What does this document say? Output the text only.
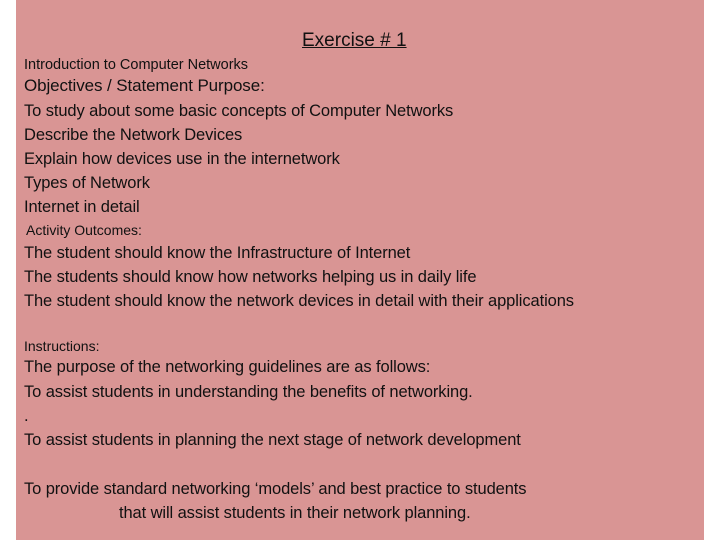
Exercise # 1
Introduction to Computer Networks
Objectives / Statement Purpose:
To study about some basic concepts of Computer Networks
Describe the Network Devices
Explain how devices use in the internetwork
Types of Network
Internet in detail
Activity Outcomes:
The student should know the Infrastructure of Internet
The students should know how networks helping us in daily life
The student should know the network devices in detail with their applications
Instructions:
The purpose of the networking guidelines are as follows:
To assist students in understanding the benefits of networking.
.
To assist students in planning the next stage of network development
To provide standard networking ‘models’ and best practice to students
that will assist students in their network planning.
